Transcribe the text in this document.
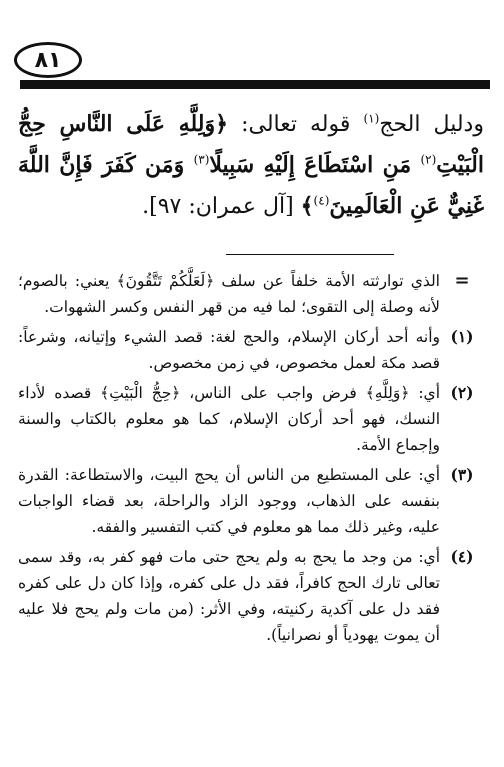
٨١
ودليل الحج$^{(١)}$ قوله تعالى: ﴿وَلِلَّهِ عَلَى النَّاسِ حِجُّ الْبَيْتِ$^{(٢)}$ مَنِ اسْتَطَاعَ إِلَيْهِ سَبِيلًا$^{(٣)}$ وَمَن كَفَرَ فَإِنَّ اللَّهَ غَنِيٌّ عَنِ الْعَالَمِينَ$^{(٤)}$﴾ [آل عمران: ٩٧].
=
الذي توارثته الأمة خلفاً عن سلف ﴿لَعَلَّكُمْ تَتَّقُونَ﴾ يعني: بالصوم؛ لأنه وصلة إلى التقوى؛ لما فيه من قهر النفس وكسر الشهوات.
(١)
وأنه أحد أركان الإسلام، والحج لغة: قصد الشيء وإتيانه، وشرعاً: قصد مكة لعمل مخصوص، في زمن مخصوص.
(٢)
أي: ﴿وَلِلَّهِ﴾ فرض واجب على الناس، ﴿حِجُّ الْبَيْتِ﴾ قصده لأداء النسك، فهو أحد أركان الإسلام، كما هو معلوم بالكتاب والسنة وإجماع الأمة.
(٣)
أي: على المستطيع من الناس أن يحج البيت، والاستطاعة: القدرة بنفسه على الذهاب، ووجود الزاد والراحلة، بعد قضاء الواجبات عليه، وغير ذلك مما هو معلوم في كتب التفسير والفقه.
(٤)
أي: من وجد ما يحج به ولم يحج حتى مات فهو كفر به، وقد سمى تعالى تارك الحج كافراً، فقد دل على كفره، وإذا كان دل على كفره فقد دل على آكدية ركنيته، وفي الأثر: (من مات ولم يحج فلا عليه أن يموت يهودياً أو نصرانياً).
